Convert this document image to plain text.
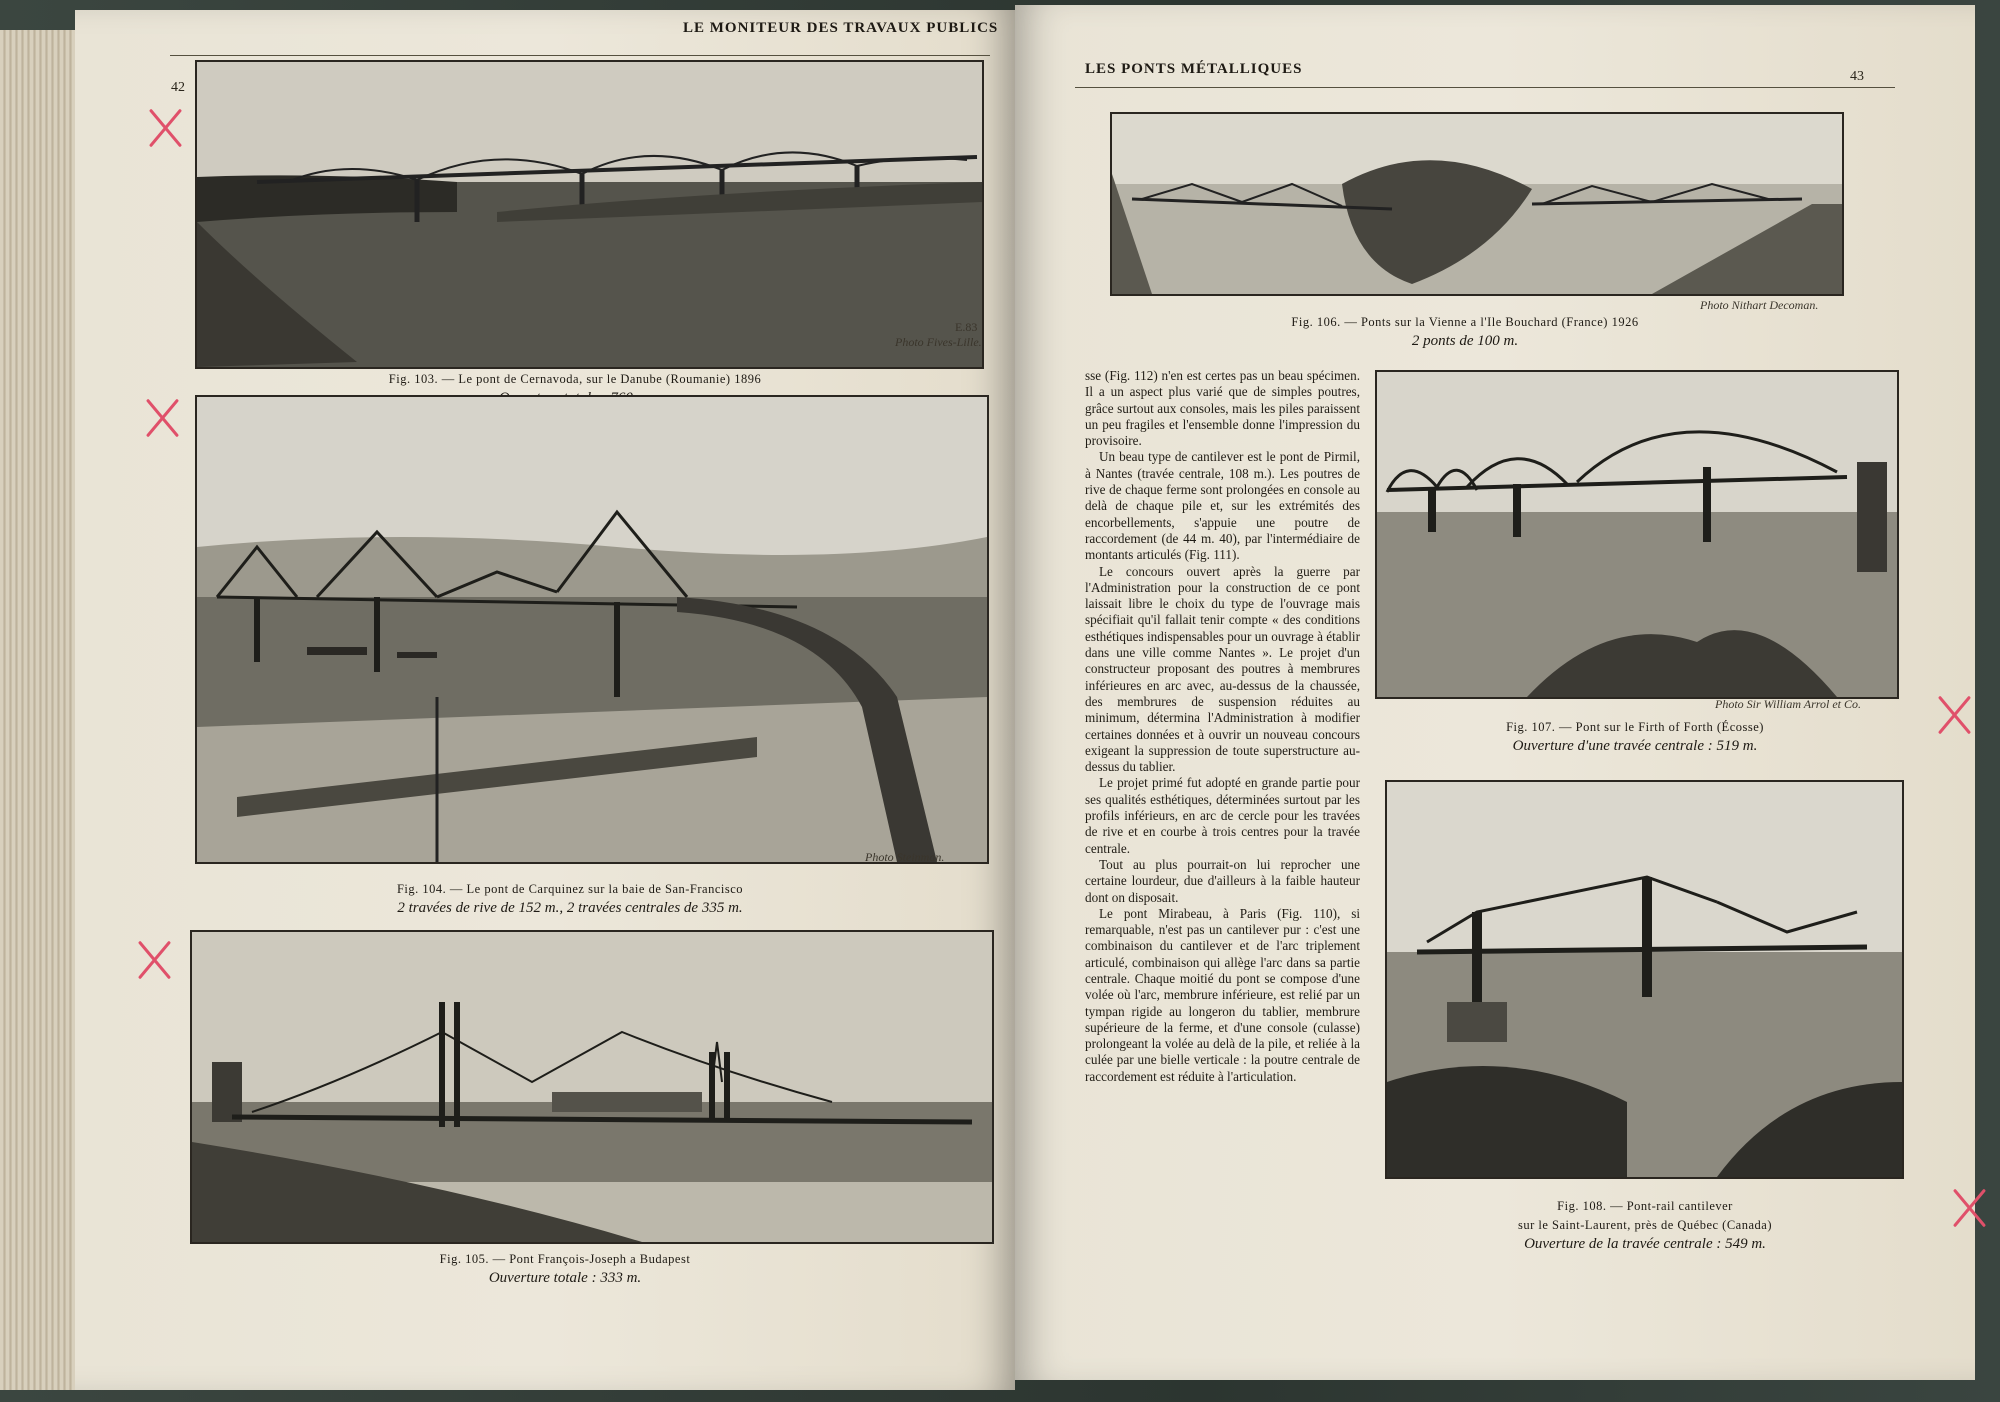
LE MONITEUR DES TRAVAUX PUBLICS
42
Photo Fives-Lille.
E.83
Fig. 103. — Le pont de Cernavoda, sur le Danube (Roumanie) 1896
Photo Steinman.
Fig. 104. — Le pont de Carquinez sur la baie de San-Francisco
2 travées de rive de 152 m., 2 travées centrales de 335 m.
Fig. 105. — Pont François-Joseph a Budapest
Ouverture totale : 333 m.
LES PONTS MÉTALLIQUES	43
Photo Nithart Decoman.
Fig. 106. — Ponts sur la Vienne a l'Ile Bouchard (France) 1926
2 ponts de 100 m.
Photo Sir William Arrol et Co.
Fig. 107. — Pont sur le Firth of Forth (Écosse)
Ouverture d'une travée centrale : 519 m.
Fig. 108. — Pont-rail cantilever
sur le Saint-Laurent, près de Québec (Canada)
Ouverture de la travée centrale : 549 m.

sse (Fig. 112) n'en est certes pas un beau spécimen. Il a un aspect plus varié que de simples poutres, grâce surtout aux consoles, mais les piles paraissent un peu fragiles et l'ensemble donne l'impression du provisoire.

Un beau type de cantilever est le pont de Pirmil, à Nantes (travée centrale, 108 m.). Les poutres de rive de chaque ferme sont prolongées en console au delà de chaque pile et, sur les extrémités des encorbellements, s'appuie une poutre de raccordement (de 44 m. 40), par l'intermédiaire de montants articulés (Fig. 111).

Le concours ouvert après la guerre par l'Administration pour la construction de ce pont laissait libre le choix du type de l'ouvrage mais spécifiait qu'il fallait tenir compte « des conditions esthétiques indispensables pour un ouvrage à établir dans une ville comme Nantes ». Le projet d'un constructeur proposant des poutres à membrures inférieures en arc avec, au-dessus de la chaussée, des membrures de suspension réduites au minimum, détermina l'Administration à modifier certaines données et à ouvrir un nouveau concours exigeant la suppression de toute superstructure au-dessus du tablier.

Le projet primé fut adopté en grande partie pour ses qualités esthétiques, déterminées surtout par les profils inférieurs, en arc de cercle pour les travées de rive et en courbe à trois centres pour la travée centrale.

Tout au plus pourrait-on lui reprocher une certaine lourdeur, due d'ailleurs à la faible hauteur dont on disposait.

Le pont Mirabeau, à Paris (Fig. 110), si remarquable, n'est pas un cantilever pur : c'est une combinaison du cantilever et de l'arc triplement articulé, combinaison qui allège l'arc dans sa partie centrale. Chaque moitié du pont se compose d'une volée où l'arc, membrure inférieure, est relié par un tympan rigide au longeron du tablier, membrure supérieure de la ferme, et d'une console (culasse) prolongeant la volée au delà de la pile, et reliée à la culée par une bielle verticale : la poutre centrale de raccordement est réduite à l'articulation.
